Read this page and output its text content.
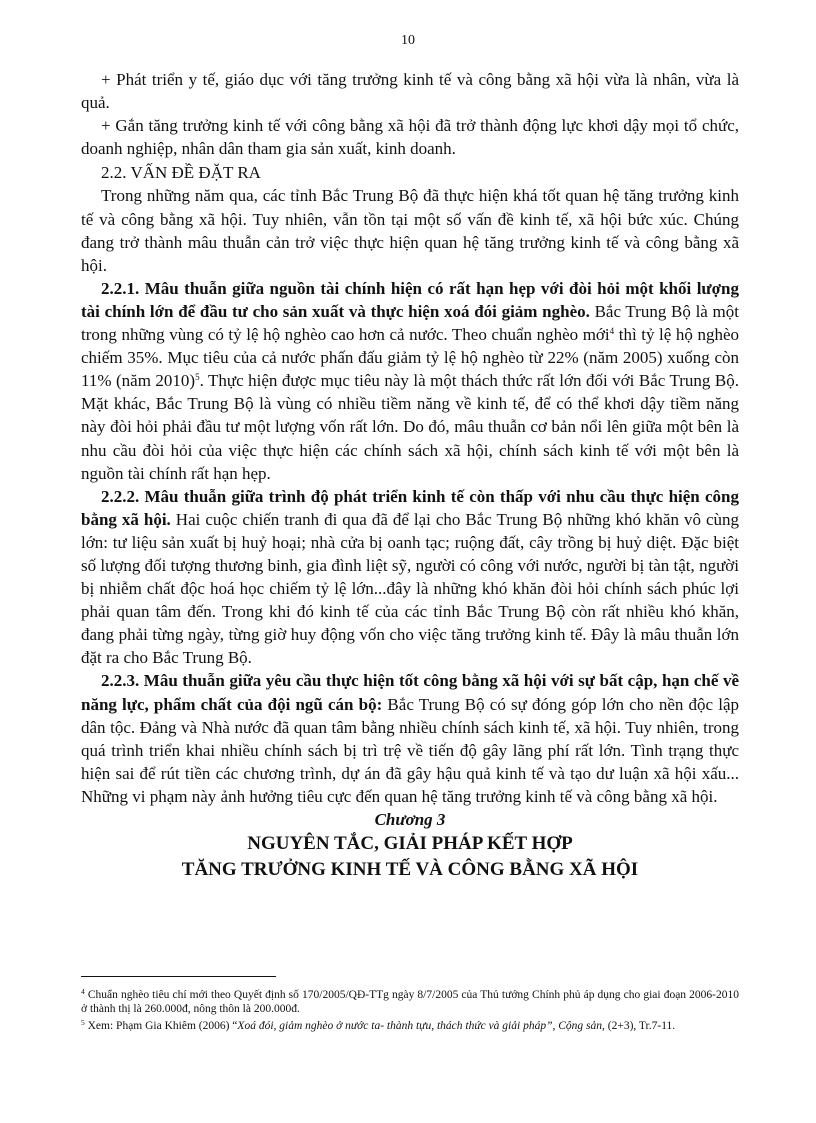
10

+ Phát triển y tế, giáo dục với tăng trưởng kinh tế và công bằng xã hội vừa là nhân, vừa là quả.

+ Gắn tăng trưởng kinh tế với công bằng xã hội đã trở thành động lực khơi dậy mọi tổ chức, doanh nghiệp, nhân dân tham gia sản xuất, kinh doanh.

2.2. VẤN ĐỀ ĐẶT RA

Trong những năm qua, các tỉnh Bắc Trung Bộ đã thực hiện khá tốt quan hệ tăng trưởng kinh tế và công bằng xã hội. Tuy nhiên, vẫn tồn tại một số vấn đề kinh tế, xã hội bức xúc. Chúng đang trở thành mâu thuẫn cản trở việc thực hiện quan hệ tăng trưởng kinh tế và công bằng xã hội.

2.2.1. Mâu thuẫn giữa nguồn tài chính hiện có rất hạn hẹp với đòi hỏi một khối lượng tài chính lớn để đầu tư cho sản xuất và thực hiện xoá đói giảm nghèo. Bắc Trung Bộ là một trong những vùng có tỷ lệ hộ nghèo cao hơn cả nước. Theo chuẩn nghèo mới$^4$ thì tỷ lệ hộ nghèo chiếm 35%. Mục tiêu của cả nước phấn đấu giảm tỷ lệ hộ nghèo từ 22% (năm 2005) xuống còn 11% (năm 2010)$^5$. Thực hiện được mục tiêu này là một thách thức rất lớn đối với Bắc Trung Bộ. Mặt khác, Bắc Trung Bộ là vùng có nhiều tiềm năng về kinh tế, để có thể khơi dậy tiềm năng này đòi hỏi phải đầu tư một lượng vốn rất lớn. Do đó, mâu thuẫn cơ bản nổi lên giữa một bên là nhu cầu đòi hỏi của việc thực hiện các chính sách xã hội, chính sách kinh tế với một bên là nguồn tài chính rất hạn hẹp.

2.2.2. Mâu thuẫn giữa trình độ phát triển kinh tế còn thấp với nhu cầu thực hiện công bằng xã hội. Hai cuộc chiến tranh đi qua đã để lại cho Bắc Trung Bộ những khó khăn vô cùng lớn: tư liệu sản xuất bị huỷ hoại; nhà cửa bị oanh tạc; ruộng đất, cây trồng bị huỷ diệt. Đặc biệt số lượng đối tượng thương binh, gia đình liệt sỹ, người có công với nước, người bị tàn tật, người bị nhiễm chất độc hoá học chiếm tỷ lệ lớn...đây là những khó khăn đòi hỏi chính sách phúc lợi phải quan tâm đến. Trong khi đó kinh tế của các tỉnh Bắc Trung Bộ còn rất nhiều khó khăn, đang phải từng ngày, từng giờ huy động vốn cho việc tăng trưởng kinh tế. Đây là mâu thuẫn lớn đặt ra cho Bắc Trung Bộ.

2.2.3. Mâu thuẫn giữa yêu cầu thực hiện tốt công bằng xã hội với sự bất cập, hạn chế về năng lực, phẩm chất của đội ngũ cán bộ: Bắc Trung Bộ có sự đóng góp lớn cho nền độc lập dân tộc. Đảng và Nhà nước đã quan tâm bằng nhiều chính sách kinh tế, xã hội. Tuy nhiên, trong quá trình triển khai nhiều chính sách bị trì trệ về tiến độ gây lãng phí rất lớn. Tình trạng thực hiện sai để rút tiền các chương trình, dự án đã gây hậu quả kinh tế và tạo dư luận xã hội xấu... Những vi phạm này ảnh hưởng tiêu cực đến quan hệ tăng trưởng kinh tế và công bằng xã hội.

Chương 3

NGUYÊN TẮC, GIẢI PHÁP KẾT HỢP

TĂNG TRƯỞNG KINH TẾ VÀ CÔNG BẰNG XÃ HỘI

$^4$ Chuẩn nghèo tiêu chí mới theo Quyết định số 170/2005/QĐ-TTg ngày 8/7/2005 của Thủ tướng Chính phủ áp dụng cho giai đoạn 2006-2010 ở thành thị là 260.000đ, nông thôn là 200.000đ.

$^5$ Xem: Phạm Gia Khiêm (2006) “Xoá đói, giảm nghèo ở nước ta- thành tựu, thách thức và giải pháp”, Cộng sản, (2+3), Tr.7-11.
